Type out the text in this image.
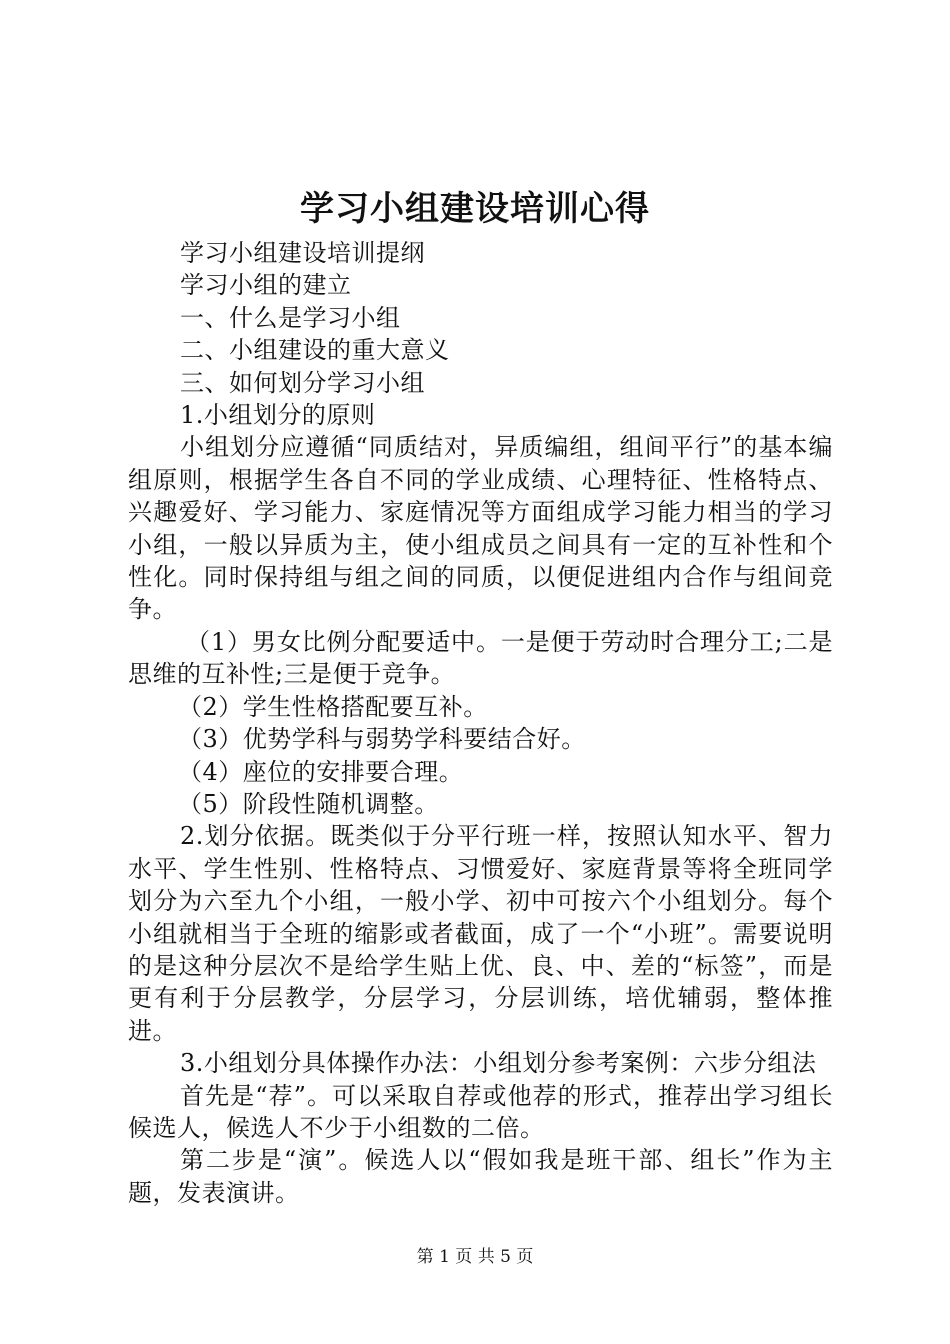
学习小组建设培训心得

学习小组建设培训提纲

学习小组的建立

一、什么是学习小组

二、小组建设的重大意义

三、如何划分学习小组

1.小组划分的原则

小组划分应遵循“同质结对，异质编组，组间平行”的基本编组原则，根据学生各自不同的学业成绩、心理特征、性格特点、兴趣爱好、学习能力、家庭情况等方面组成学习能力相当的学习小组，一般以异质为主，使小组成员之间具有一定的互补性和个性化。同时保持组与组之间的同质，以便促进组内合作与组间竞争。

（1）男女比例分配要适中。一是便于劳动时合理分工;二是思维的互补性;三是便于竞争。

（2）学生性格搭配要互补。

（3）优势学科与弱势学科要结合好。

（4）座位的安排要合理。

（5）阶段性随机调整。

2.划分依据。既类似于分平行班一样，按照认知水平、智力水平、学生性别、性格特点、习惯爱好、家庭背景等将全班同学划分为六至九个小组，一般小学、初中可按六个小组划分。每个小组就相当于全班的缩影或者截面，成了一个“小班”。需要说明的是这种分层次不是给学生贴上优、良、中、差的“标签”，而是更有利于分层教学，分层学习，分层训练，培优辅弱，整体推进。

3.小组划分具体操作办法：小组划分参考案例：六步分组法

首先是“荐”。可以采取自荐或他荐的形式，推荐出学习组长候选人，候选人不少于小组数的二倍。

第二步是“演”。候选人以“假如我是班干部、组长”作为主题，发表演讲。

第 1 页 共 5 页
